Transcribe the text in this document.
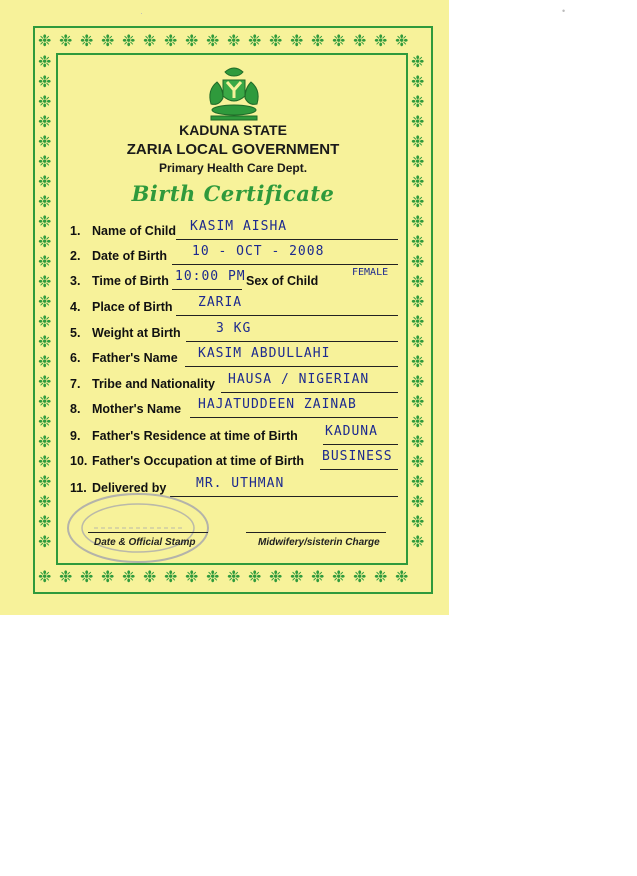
❉
❉
❉
❉
❉
❉
❉
❉
❉
❉
❉
❉
❉
❉
❉
❉
❉
❉
❉
❉
❉
❉
❉
❉
❉
❉
❉
❉
❉
❉
❉
❉
❉
❉
❉
❉
❉	❉
❉	❉
❉	❉
❉	❉
❉	❉
❉	❉
❉	❉
❉	❉
❉	❉
❉	❉
❉	❉
❉	❉
❉	❉
❉	❉
❉	❉
❉	❉
❉	❉
❉	❉
❉	❉
❉	❉
❉	❉
❉	❉
❉	❉
❉	❉
❉	❉
KADUNA STATE
ZARIA LOCAL GOVERNMENT
Primary Health Care Dept.
Birth Certificate
1. Name of Child KASIM AISHA
2. Date of Birth 10 - OCT - 2008
3. Time of Birth 10:00 PM Sex of Child
FEMALE
4. Place of Birth ZARIA
5. Weight at Birth	3 KG
6. Father's Name KASIM ABDULLAHI
7. Tribe and Nationality HAUSA / NIGERIAN
8. Mother's Name HAJATUDDEEN ZAINAB
9. Father's Residence at time of Birth KADUNA
10. Father's Occupation at time of Birth BUSINESS
11. Delivered by MR. UTHMAN
Date & Official Stamp	Midwifery/sisterin Charge
•
·
